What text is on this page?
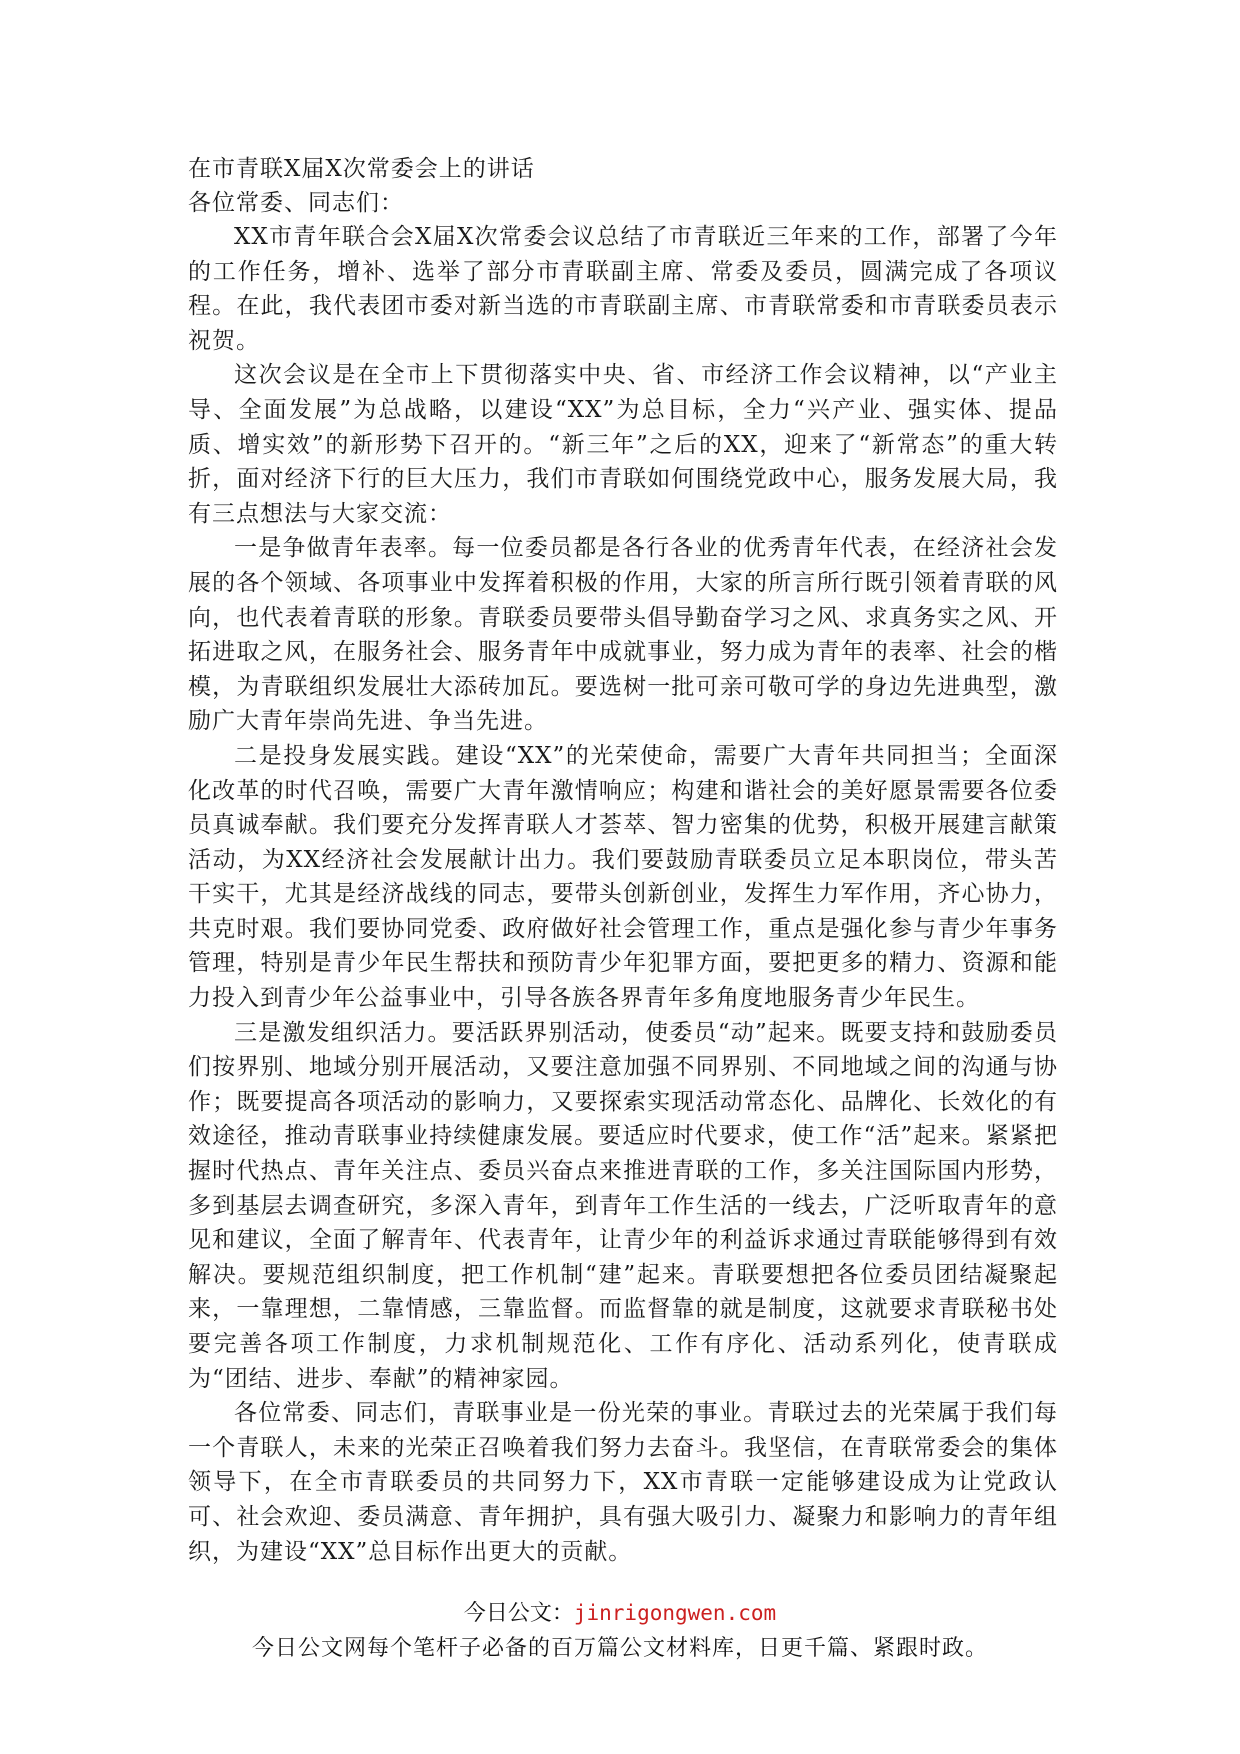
在市青联X届X次常委会上的讲话

各位常委、同志们：

XX市青年联合会X届X次常委会议总结了市青联近三年来的工作，部署了今年的工作任务，增补、选举了部分市青联副主席、常委及委员，圆满完成了各项议程。在此，我代表团市委对新当选的市青联副主席、市青联常委和市青联委员表示祝贺。

这次会议是在全市上下贯彻落实中央、省、市经济工作会议精神，以“产业主导、全面发展”为总战略，以建设“XX”为总目标，全力“兴产业、强实体、提品质、增实效”的新形势下召开的。“新三年”之后的XX，迎来了“新常态”的重大转折，面对经济下行的巨大压力，我们市青联如何围绕党政中心，服务发展大局，我有三点想法与大家交流：

一是争做青年表率。每一位委员都是各行各业的优秀青年代表，在经济社会发展的各个领域、各项事业中发挥着积极的作用，大家的所言所行既引领着青联的风向，也代表着青联的形象。青联委员要带头倡导勤奋学习之风、求真务实之风、开拓进取之风，在服务社会、服务青年中成就事业，努力成为青年的表率、社会的楷模，为青联组织发展壮大添砖加瓦。要选树一批可亲可敬可学的身边先进典型，激励广大青年崇尚先进、争当先进。

二是投身发展实践。建设“XX”的光荣使命，需要广大青年共同担当；全面深化改革的时代召唤，需要广大青年激情响应；构建和谐社会的美好愿景需要各位委员真诚奉献。我们要充分发挥青联人才荟萃、智力密集的优势，积极开展建言献策活动，为XX经济社会发展献计出力。我们要鼓励青联委员立足本职岗位，带头苦干实干，尤其是经济战线的同志，要带头创新创业，发挥生力军作用，齐心协力，共克时艰。我们要协同党委、政府做好社会管理工作，重点是强化参与青少年事务管理，特别是青少年民生帮扶和预防青少年犯罪方面，要把更多的精力、资源和能力投入到青少年公益事业中，引导各族各界青年多角度地服务青少年民生。

三是激发组织活力。要活跃界别活动，使委员“动”起来。既要支持和鼓励委员们按界别、地域分别开展活动，又要注意加强不同界别、不同地域之间的沟通与协作；既要提高各项活动的影响力，又要探索实现活动常态化、品牌化、长效化的有效途径，推动青联事业持续健康发展。要适应时代要求，使工作“活”起来。紧紧把握时代热点、青年关注点、委员兴奋点来推进青联的工作，多关注国际国内形势，多到基层去调查研究，多深入青年，到青年工作生活的一线去，广泛听取青年的意见和建议，全面了解青年、代表青年，让青少年的利益诉求通过青联能够得到有效解决。要规范组织制度，把工作机制“建”起来。青联要想把各位委员团结凝聚起来，一靠理想，二靠情感，三靠监督。而监督靠的就是制度，这就要求青联秘书处要完善各项工作制度，力求机制规范化、工作有序化、活动系列化，使青联成为“团结、进步、奉献”的精神家园。

各位常委、同志们，青联事业是一份光荣的事业。青联过去的光荣属于我们每一个青联人，未来的光荣正召唤着我们努力去奋斗。我坚信，在青联常委会的集体领导下，在全市青联委员的共同努力下，XX市青联一定能够建设成为让党政认可、社会欢迎、委员满意、青年拥护，具有强大吸引力、凝聚力和影响力的青年组织，为建设“XX”总目标作出更大的贡献。

今日公文：jinrigongwen.com
今日公文网每个笔杆子必备的百万篇公文材料库，日更千篇、紧跟时政。
